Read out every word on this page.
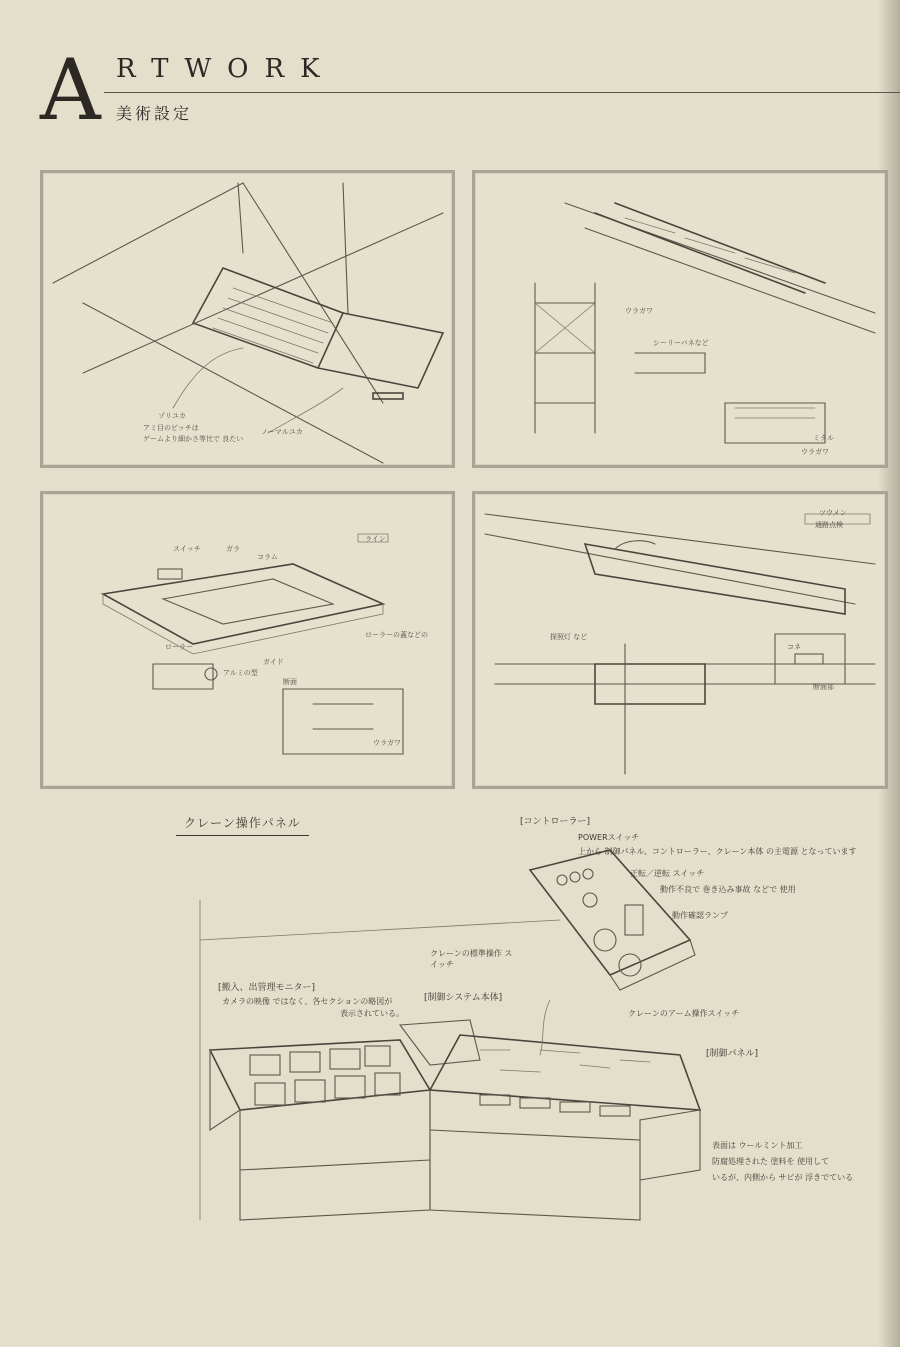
A RTWORK
美術設定
ゾリユカ
アミ目のビッチは
ゲームより細かさ等比で 良たい
ノーマルユカ
ウラガワ
シーリーバネなど
ミタル
ウラガワ
スイッチ	ガラ
コラム
ライン
ローラー
ローラーの蓋などの
ガイド
アルミの型
断面
ウラガワ
ツウメン
通路点検
探照灯 など
コネ
断面部
クレーン操作パネル	[コントローラー]
POWERスイッチ
上から 制御パネル、コントローラー、クレーン本体 の主電源 となっています
正転／逆転 スイッチ
動作不良で 巻き込み事故 などで 使用
動作確認ランプ
クレーンの標準操作 スイッチ
クレーンのアーム操作スイッチ
[搬入、出管理モニター]
カメラの映像 ではなく、各セクションの略図が
表示されている。
[制御システム本体]
[制御パネル]
表面は ウールミント加工
防腐処理された 塗料を 使用して
いるが、内側から サビが 浮きでている
